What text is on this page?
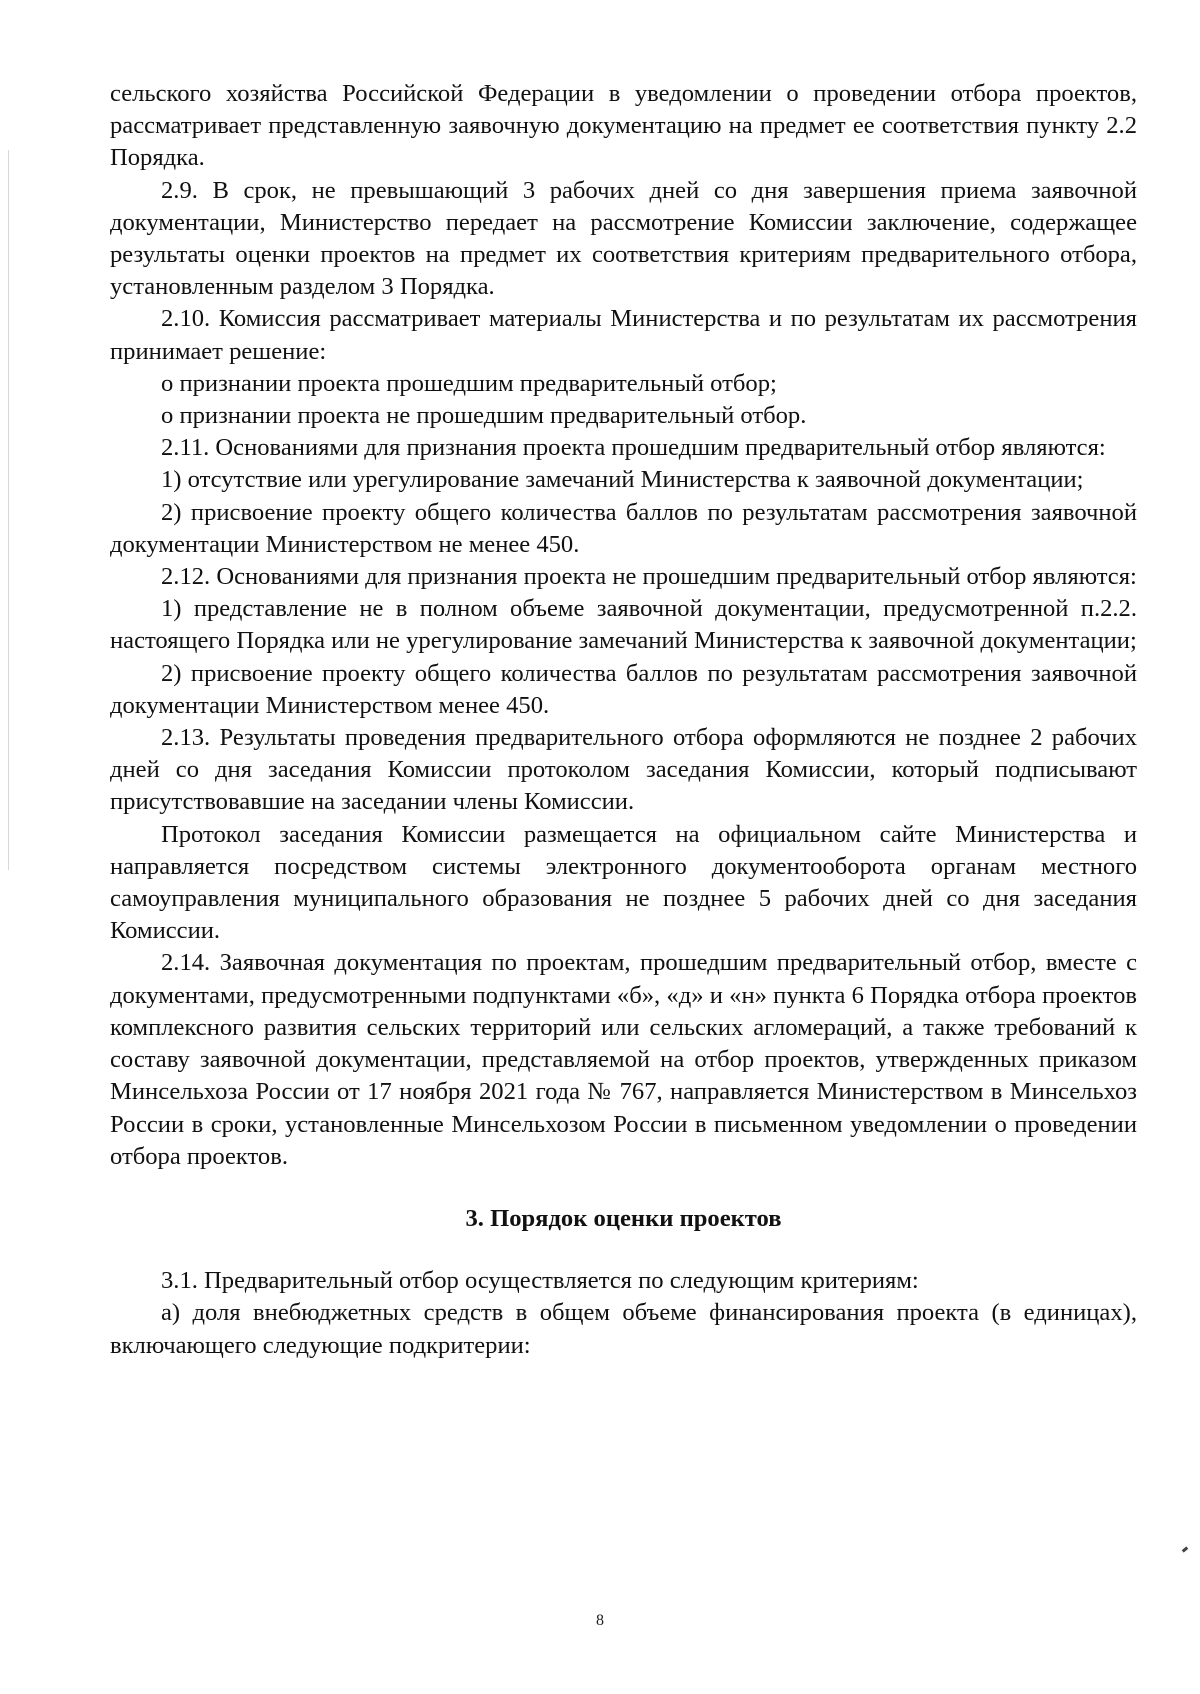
сельского хозяйства Российской Федерации в уведомлении о проведении отбора проектов, рассматривает представленную заявочную документацию на предмет ее соответствия пункту 2.2 Порядка.

2.9. В срок, не превышающий 3 рабочих дней со дня завершения приема заявочной документации, Министерство передает на рассмотрение Комиссии заключение, содержащее результаты оценки проектов на предмет их соответствия критериям предварительного отбора, установленным разделом 3 Порядка.

2.10. Комиссия рассматривает материалы Министерства и по результатам их рассмотрения принимает решение:

о признании проекта прошедшим предварительный отбор;

о признании проекта не прошедшим предварительный отбор.

2.11. Основаниями для признания проекта прошедшим предварительный отбор являются:

1) отсутствие или урегулирование замечаний Министерства к заявочной документации;

2) присвоение проекту общего количества баллов по результатам рассмотрения заявочной документации Министерством не менее 450.

2.12. Основаниями для признания проекта не прошедшим предварительный отбор являются:

1) представление не в полном объеме заявочной документации, предусмотренной п.2.2. настоящего Порядка или не урегулирование замечаний Министерства к заявочной документации;

2) присвоение проекту общего количества баллов по результатам рассмотрения заявочной документации Министерством менее 450.

2.13. Результаты проведения предварительного отбора оформляются не позднее 2 рабочих дней со дня заседания Комиссии протоколом заседания Комиссии, который подписывают присутствовавшие на заседании члены Комиссии.

Протокол заседания Комиссии размещается на официальном сайте Министерства и направляется посредством системы электронного документооборота органам местного самоуправления муниципального образования не позднее 5 рабочих дней со дня заседания Комиссии.

2.14. Заявочная документация по проектам, прошедшим предварительный отбор, вместе с документами, предусмотренными подпунктами «б», «д» и «н» пункта 6 Порядка отбора проектов комплексного развития сельских территорий или сельских агломераций, а также требований к составу заявочной документации, представляемой на отбор проектов, утвержденных приказом Минсельхоза России от 17 ноября 2021 года № 767, направляется Министерством в Минсельхоз России в сроки, установленные Минсельхозом России в письменном уведомлении о проведении отбора проектов.

3. Порядок оценки проектов

3.1. Предварительный отбор осуществляется по следующим критериям:

а) доля внебюджетных средств в общем объеме финансирования проекта (в единицах), включающего следующие подкритерии:

8
